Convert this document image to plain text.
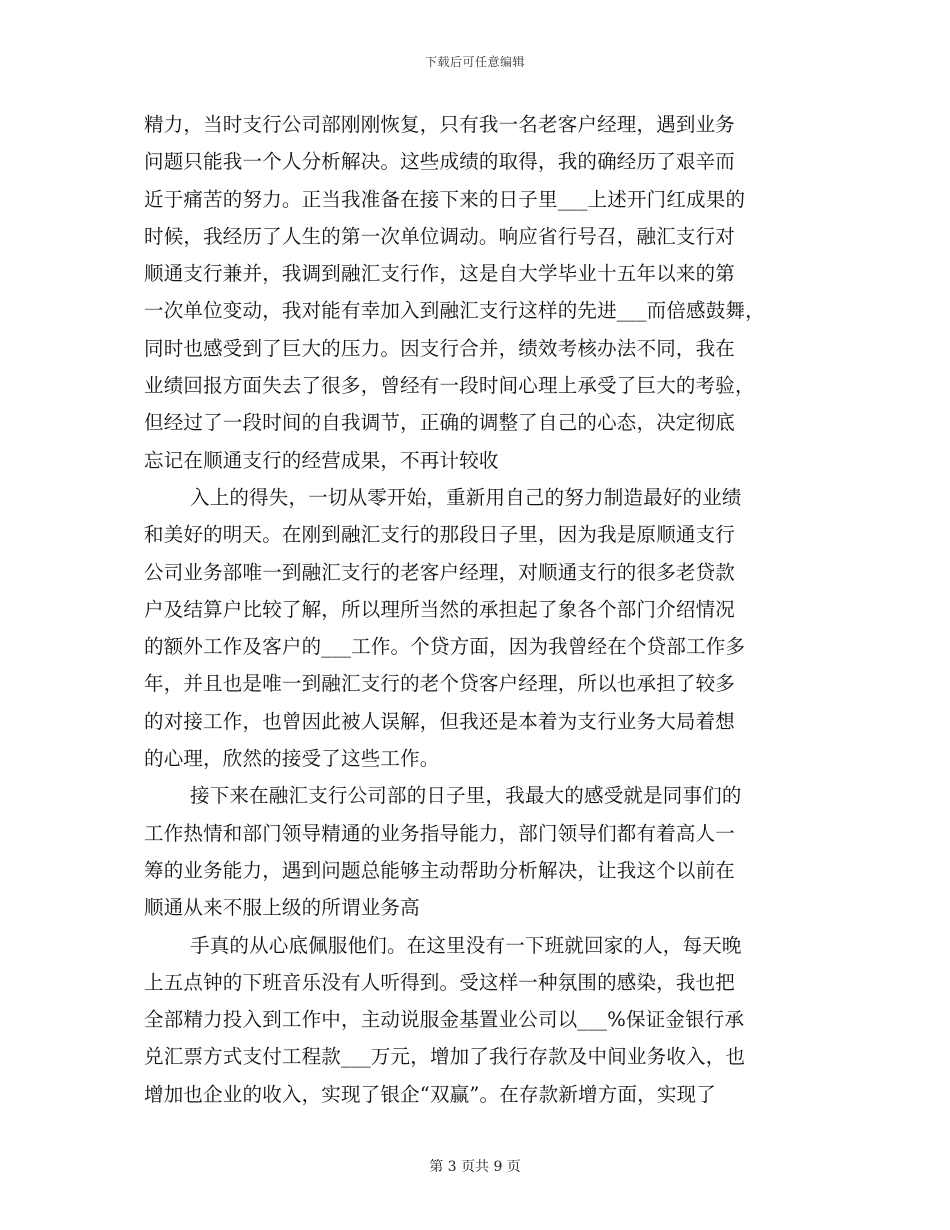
下载后可任意编辑
精力，当时支行公司部刚刚恢复，只有我一名老客户经理，遇到业务
问题只能我一个人分析解决。这些成绩的取得，我的确经历了艰辛而
近于痛苦的努力。正当我准备在接下来的日子里___上述开门红成果的
时候，我经历了人生的第一次单位调动。响应省行号召，融汇支行对
顺通支行兼并，我调到融汇支行作，这是自大学毕业十五年以来的第
一次单位变动，我对能有幸加入到融汇支行这样的先进___而倍感鼓舞，
同时也感受到了巨大的压力。因支行合并，绩效考核办法不同，我在
业绩回报方面失去了很多，曾经有一段时间心理上承受了巨大的考验，
但经过了一段时间的自我调节，正确的调整了自己的心态，决定彻底
忘记在顺通支行的经营成果，不再计较收
入上的得失，一切从零开始，重新用自己的努力制造最好的业绩
和美好的明天。在刚到融汇支行的那段日子里，因为我是原顺通支行
公司业务部唯一到融汇支行的老客户经理，对顺通支行的很多老贷款
户及结算户比较了解，所以理所当然的承担起了象各个部门介绍情况
的额外工作及客户的___工作。个贷方面，因为我曾经在个贷部工作多
年，并且也是唯一到融汇支行的老个贷客户经理，所以也承担了较多
的对接工作，也曾因此被人误解，但我还是本着为支行业务大局着想
的心理，欣然的接受了这些工作。
接下来在融汇支行公司部的日子里，我最大的感受就是同事们的
工作热情和部门领导精通的业务指导能力，部门领导们都有着高人一
筹的业务能力，遇到问题总能够主动帮助分析解决，让我这个以前在
顺通从来不服上级的所谓业务高
手真的从心底佩服他们。在这里没有一下班就回家的人，每天晚
上五点钟的下班音乐没有人听得到。受这样一种氛围的感染，我也把
全部精力投入到工作中，主动说服金基置业公司以___%保证金银行承
兑汇票方式支付工程款___万元，增加了我行存款及中间业务收入，也
增加也企业的收入，实现了银企“双赢”。在存款新增方面，实现了
第 3 页共 9 页
